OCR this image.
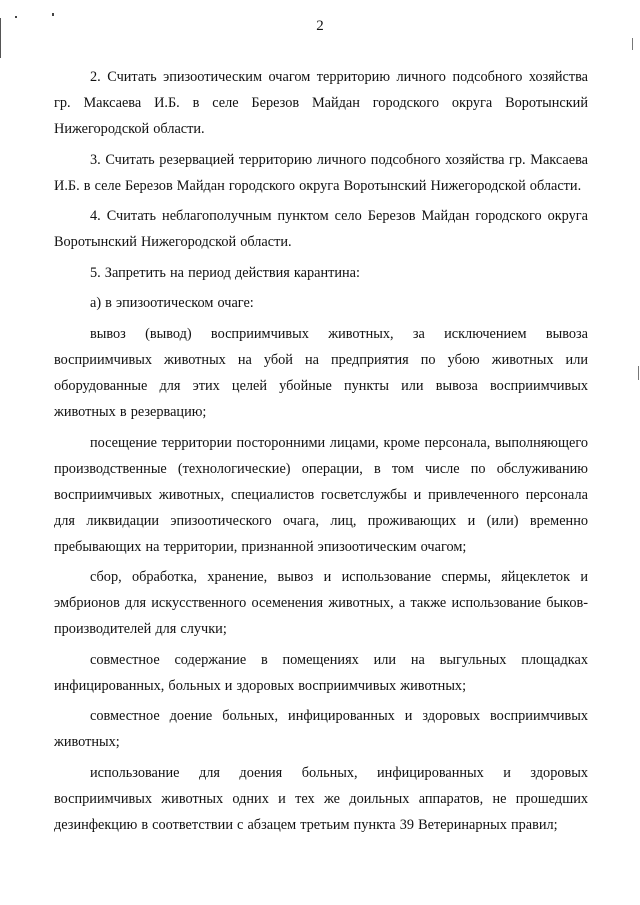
2

2. Считать эпизоотическим очагом территорию личного подсобного хозяйства гр. Максаева И.Б. в селе Березов Майдан городского округа Воротынский Нижегородской области.

3. Считать резервацией территорию личного подсобного хозяйства гр. Максаева И.Б. в селе Березов Майдан городского округа Воротынский Нижегородской области.

4. Считать неблагополучным пунктом село Березов Майдан городского округа Воротынский Нижегородской области.

5. Запретить на период действия карантина:

а) в эпизоотическом очаге:

вывоз (вывод) восприимчивых животных, за исключением вывоза восприимчивых животных на убой на предприятия по убою животных или оборудованные для этих целей убойные пункты или вывоза восприимчивых животных в резервацию;

посещение территории посторонними лицами, кроме персонала, выполняющего производственные (технологические) операции, в том числе по обслуживанию восприимчивых животных, специалистов госветслужбы и привлеченного персонала для ликвидации эпизоотического очага, лиц, проживающих и (или) временно пребывающих на территории, признанной эпизоотическим очагом;

сбор, обработка, хранение, вывоз и использование спермы, яйцеклеток и эмбрионов для искусственного осеменения животных, а также использование быков-производителей для случки;

совместное содержание в помещениях или на выгульных площадках инфицированных, больных и здоровых восприимчивых животных;

совместное доение больных, инфицированных и здоровых восприимчивых животных;

использование для доения больных, инфицированных и здоровых восприимчивых животных одних и тех же доильных аппаратов, не прошедших дезинфекцию в соответствии с абзацем третьим пункта 39 Ветеринарных правил;
